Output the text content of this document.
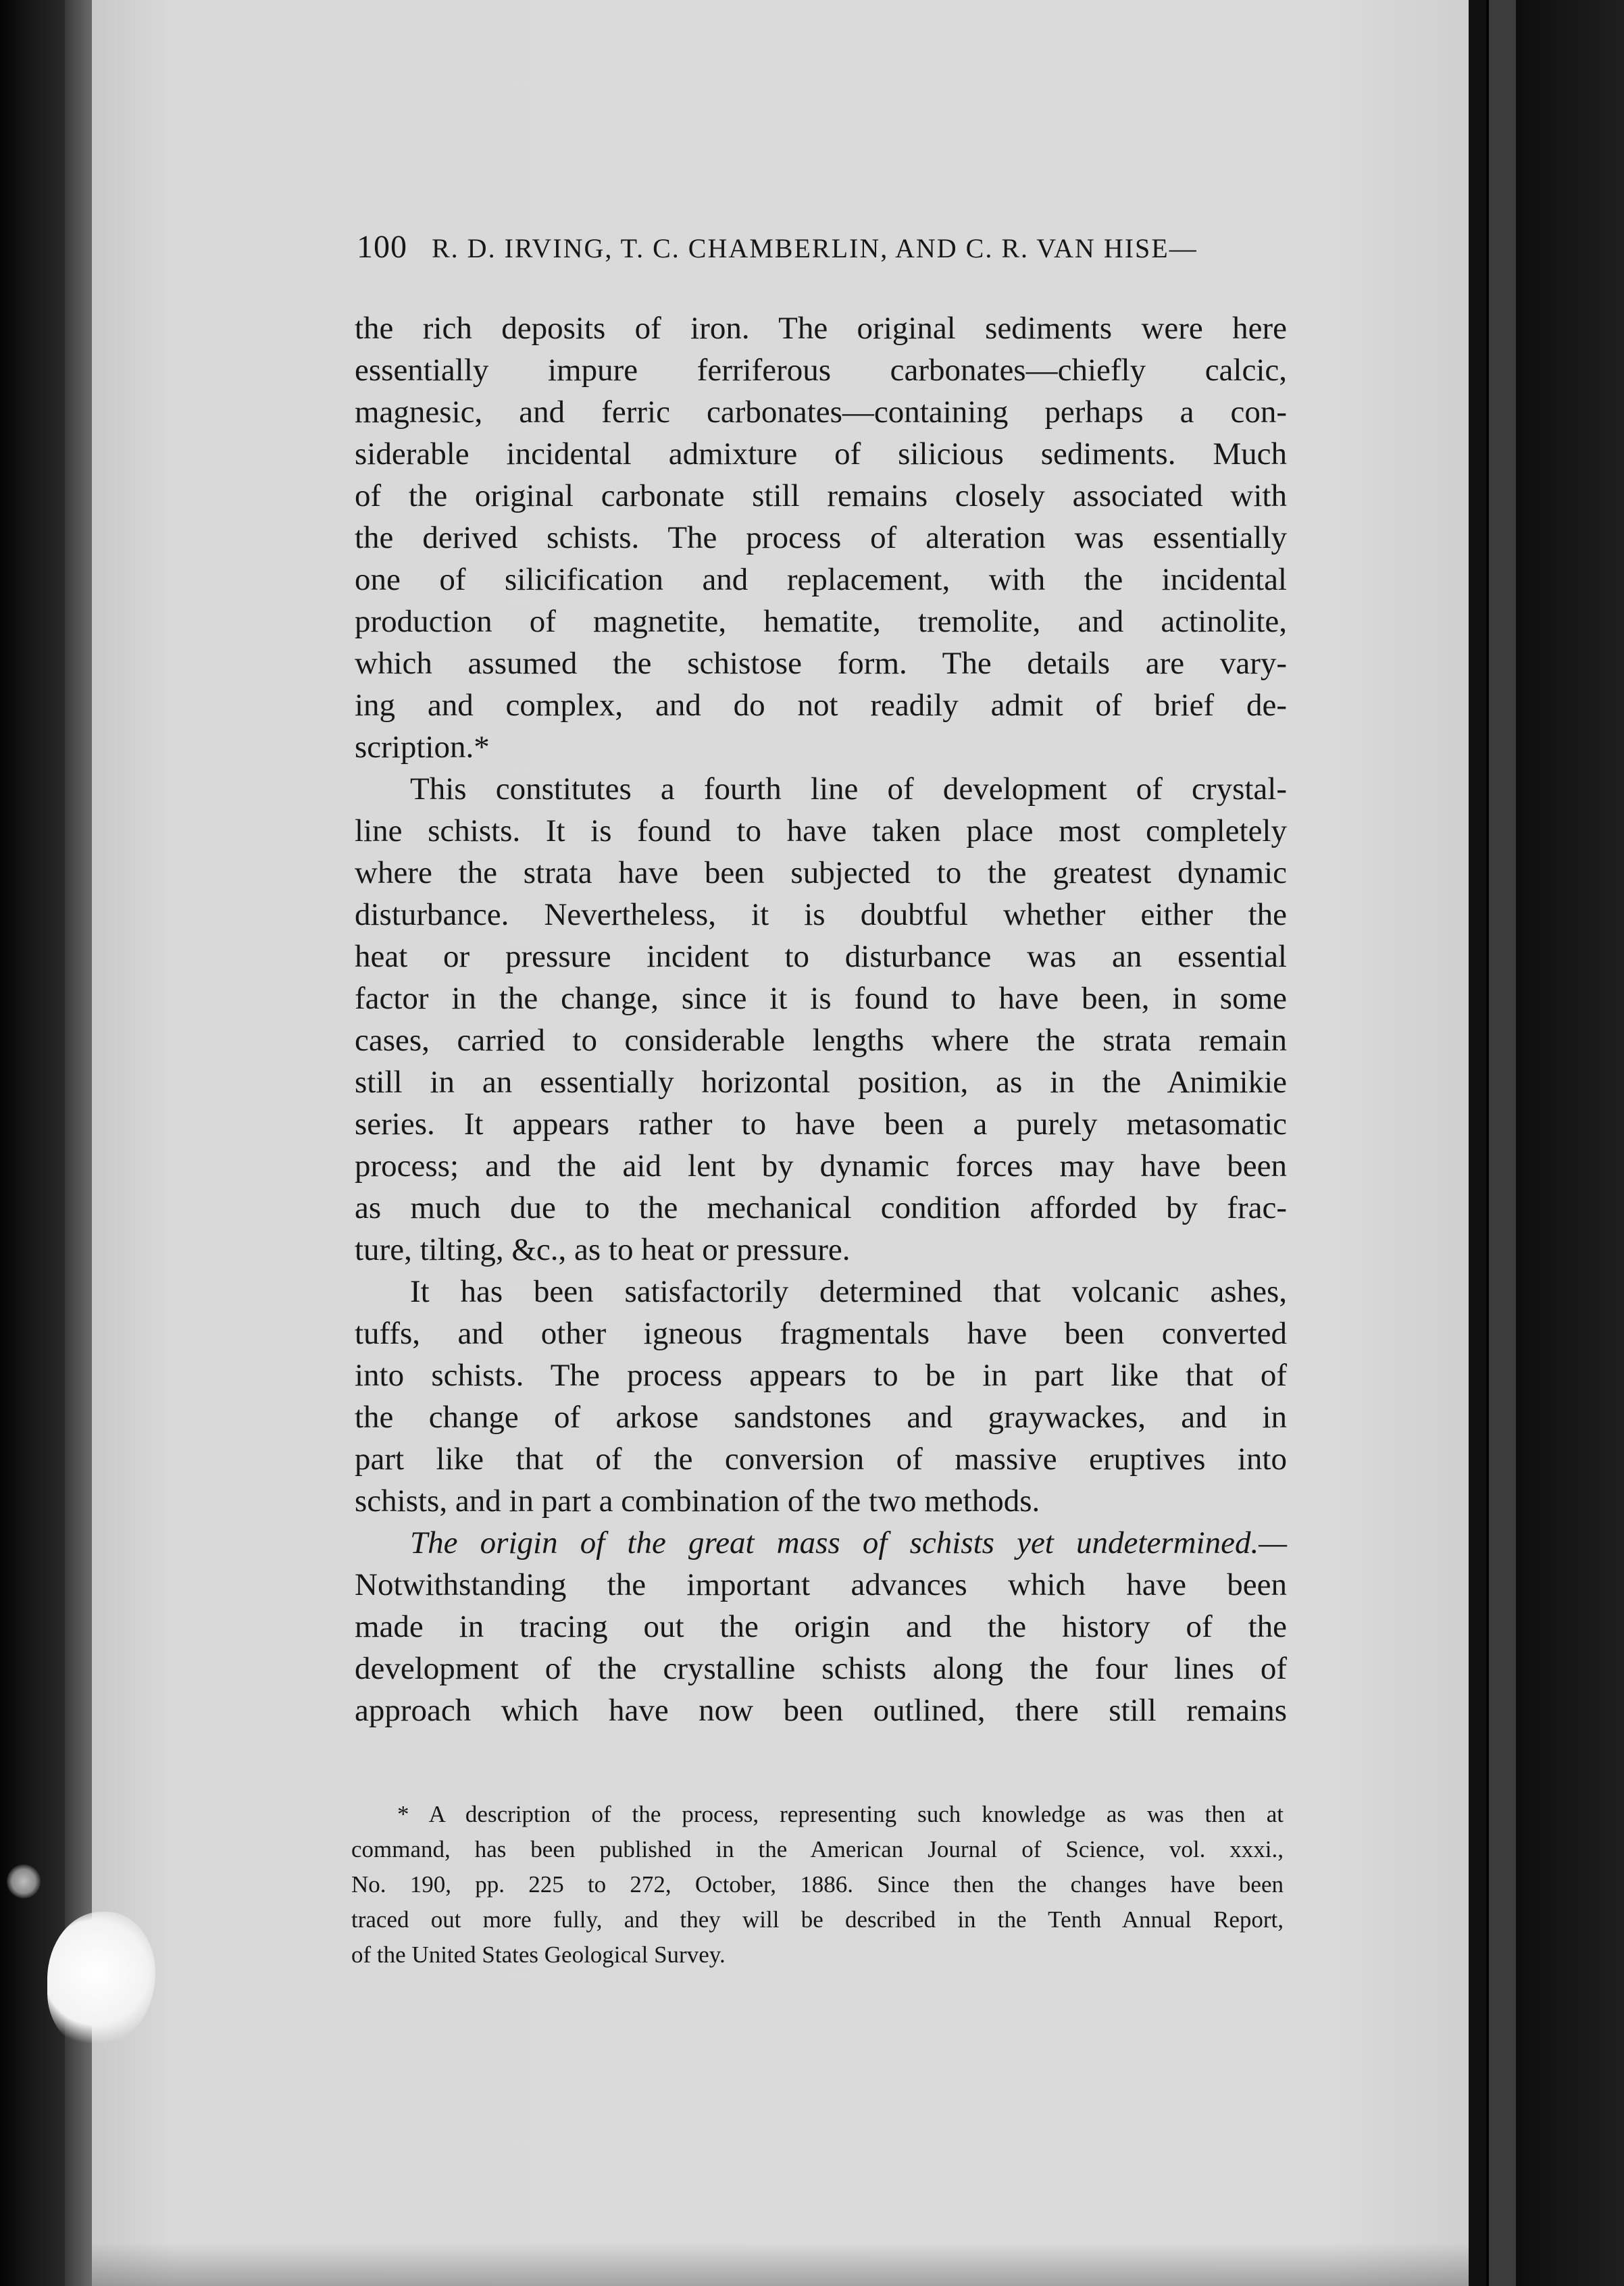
100 R. D. IRVING, T. C. CHAMBERLIN, AND C. R. VAN HISE—
the rich deposits of iron. The original sediments were here
essentially impure ferriferous carbonates—chiefly calcic,
magnesic, and ferric carbonates—containing perhaps a con-
siderable incidental admixture of silicious sediments. Much
of the original carbonate still remains closely associated with
the derived schists. The process of alteration was essentially
one of silicification and replacement, with the incidental
production of magnetite, hematite, tremolite, and actinolite,
which assumed the schistose form. The details are vary-
ing and complex, and do not readily admit of brief de-
scription.*
This constitutes a fourth line of development of crystal-
line schists. It is found to have taken place most completely
where the strata have been subjected to the greatest dynamic
disturbance. Nevertheless, it is doubtful whether either the
heat or pressure incident to disturbance was an essential
factor in the change, since it is found to have been, in some
cases, carried to considerable lengths where the strata remain
still in an essentially horizontal position, as in the Animikie
series. It appears rather to have been a purely metasomatic
process; and the aid lent by dynamic forces may have been
as much due to the mechanical condition afforded by frac-
ture, tilting, &c., as to heat or pressure.
It has been satisfactorily determined that volcanic ashes,
tuffs, and other igneous fragmentals have been converted
into schists. The process appears to be in part like that of
the change of arkose sandstones and graywackes, and in
part like that of the conversion of massive eruptives into
schists, and in part a combination of the two methods.
The origin of the great mass of schists yet undetermined.—
Notwithstanding the important advances which have been
made in tracing out the origin and the history of the
development of the crystalline schists along the four lines of
approach which have now been outlined, there still remains
* A description of the process, representing such knowledge as was then at
command, has been published in the American Journal of Science, vol. xxxi.,
No. 190, pp. 225 to 272, October, 1886. Since then the changes have been
traced out more fully, and they will be described in the Tenth Annual Report,
of the United States Geological Survey.
